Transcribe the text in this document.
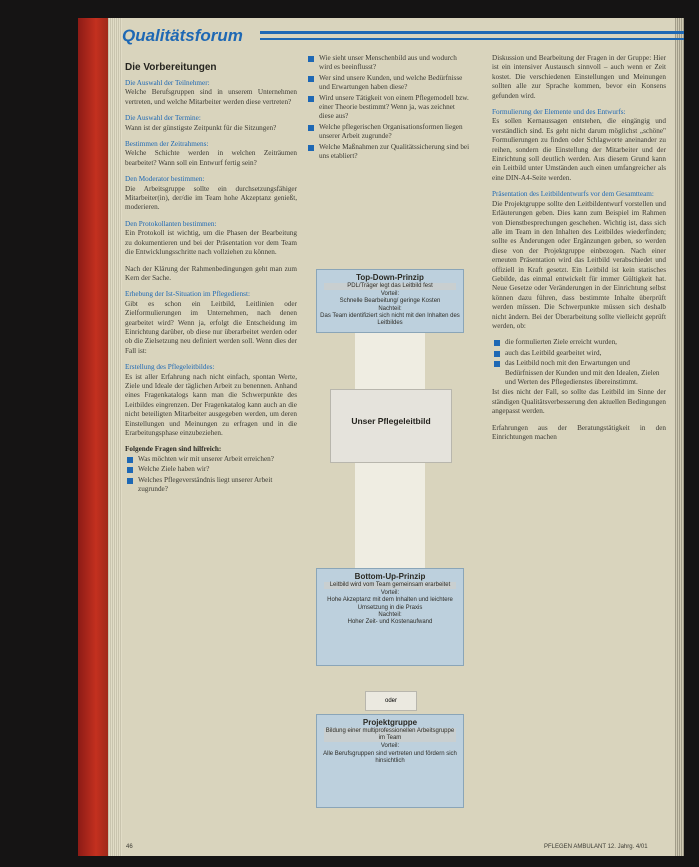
Qualitätsforum
Die Vorbereitungen
Die Auswahl der Teilnehmer:
Welche Berufsgruppen sind in unserem Unternehmen vertreten, und welche Mitarbeiter werden diese vertreten?
Die Auswahl der Termine:
Wann ist der günstigste Zeitpunkt für die Sitzungen?
Bestimmen der Zeitrahmens:
Welche Schichte werden in welchen Zeiträumen bearbeitet? Wann soll ein Entwurf fertig sein?
Den Moderator bestimmen:
Die Arbeitsgruppe sollte ein durchsetzungsfähiger Mitarbeiter(in), der/die im Team hohe Akzeptanz genießt, moderieren.
Den Protokollanten bestimmen:
Ein Protokoll ist wichtig, um die Phasen der Bearbeitung zu dokumentieren und bei der Präsentation vor dem Team die Entwicklungsschritte nach vollziehen zu können.
Nach der Klärung der Rahmenbedingungen geht man zum Kern der Sache.
Erhebung der Ist-Situation im Pflegedienst:
Gibt es schon ein Leitbild, Leitlinien oder Zielformulierungen im Unternehmen, nach denen gearbeitet wird? Wenn ja, erfolgt die Entscheidung im Einrichtung darüber, ob diese nur überarbeitet werden oder ob die Zielsetzung neu definiert werden soll. Wenn dies der Fall ist:
Erstellung des Pflegeleitbildes:
Es ist aller Erfahrung nach nicht einfach, spontan Werte, Ziele und Ideale der täglichen Arbeit zu benennen. Anhand eines Fragenkatalogs kann man die Schwerpunkte des Leitbildes eingrenzen. Der Fragenkatalog kann auch an die nicht beteiligten Mitarbeiter ausgegeben werden, um deren Einstellungen und Meinungen zu erfragen und in die Erarbeitungsphase einzubeziehen.
Folgende Fragen sind hilfreich:
Was möchten wir mit unserer Arbeit erreichen?
Welche Ziele haben wir?
Welches Pflegeverständnis liegt unserer Arbeit zugrunde?
Wie sieht unser Menschenbild aus und wodurch wird es beeinflusst?
Wer sind unsere Kunden, und welche Bedürfnisse und Erwartungen haben diese?
Wird unsere Tätigkeit von einem Pflegemodell bzw. einer Theorie bestimmt? Wenn ja, was zeichnet diese aus?
Welche pflegerischen Organisationsformen liegen unserer Arbeit zugrunde?
Welche Maßnahmen zur Qualitätssicherung sind bei uns etabliert?
Top-Down-Prinzip
PDL/Träger legt das Leitbild fest
Vorteil:
Schnelle Bearbeitung/ geringe Kosten
Nachteil:
Das Team identifiziert sich nicht mit den Inhalten des Leitbildes
Unser Pflegeleitbild
Bottom-Up-Prinzip
Leitbild wird vom Team gemeinsam erarbeitet
Vorteil:
Hohe Akzeptanz mit dem Inhalten und leichtere Umsetzung in die Praxis
Nachteil:
Hoher Zeit- und Kostenaufwand
oder
Projektgruppe
Bildung einer multiprofessionellen Arbeitsgruppe im Team
Vorteil:
Alle Berufsgruppen sind vertreten und fördern sich hinsichtlich
Diskussion und Bearbeitung der Fragen in der Gruppe: Hier ist ein intensiver Austausch sinnvoll – auch wenn er Zeit kostet. Die verschiedenen Einstellungen und Meinungen sollten alle zur Sprache kommen, bevor ein Konsens gefunden wird.
Formulierung der Elemente und des Entwurfs:
Es sollen Kernaussagen entstehen, die eingängig und verständlich sind. Es geht nicht darum möglichst „schöne" Formulierungen zu finden oder Schlagworte aneinander zu reihen, sondern die Einstellung der Mitarbeiter und der Einrichtung soll deutlich werden. Aus diesem Grund kann ein Leitbild unter Umständen auch einen umfangreicher als eine DIN-A4-Seite werden.
Präsentation des Leitbildentwurfs vor dem Gesamtteam:
Die Projektgruppe sollte den Leitbildentwurf vorstellen und Erläuterungen geben. Dies kann zum Beispiel im Rahmen von Dienstbesprechungen geschehen. Wichtig ist, dass sich alle im Team in den Inhalten des Leitbildes wiederfinden; sollte es Änderungen oder Ergänzungen geben, so werden diese von der Projektgruppe einbezogen. Nach einer erneuten Präsentation wird das Leitbild verabschiedet und offiziell in Kraft gesetzt. Ein Leitbild ist kein statisches Gebilde, das einmal entwickelt für immer Gültigkeit hat. Neue Gesetze oder Veränderungen in der Einrichtung selbst können dazu führen, dass bestimmte Inhalte überprüft werden müssen. Die Schwerpunkte müssen sich deshalb nicht ändern. Bei der Überarbeitung sollte vielleicht geprüft werden, ob:
die formulierten Ziele erreicht wurden,
auch das Leitbild gearbeitet wird,
das Leitbild noch mit den Erwartungen und Bedürfnissen der Kunden und mit den Idealen, Zielen und Werten des Pflegedienstes übereinstimmt.
Ist dies nicht der Fall, so sollte das Leitbild im Sinne der ständigen Qualitätsverbesserung den aktuellen Bedingungen angepasst werden.
Erfahrungen aus der Beratungstätigkeit in den Einrichtungen machen
46	PFLEGEN AMBULANT 12. Jahrg. 4/01
